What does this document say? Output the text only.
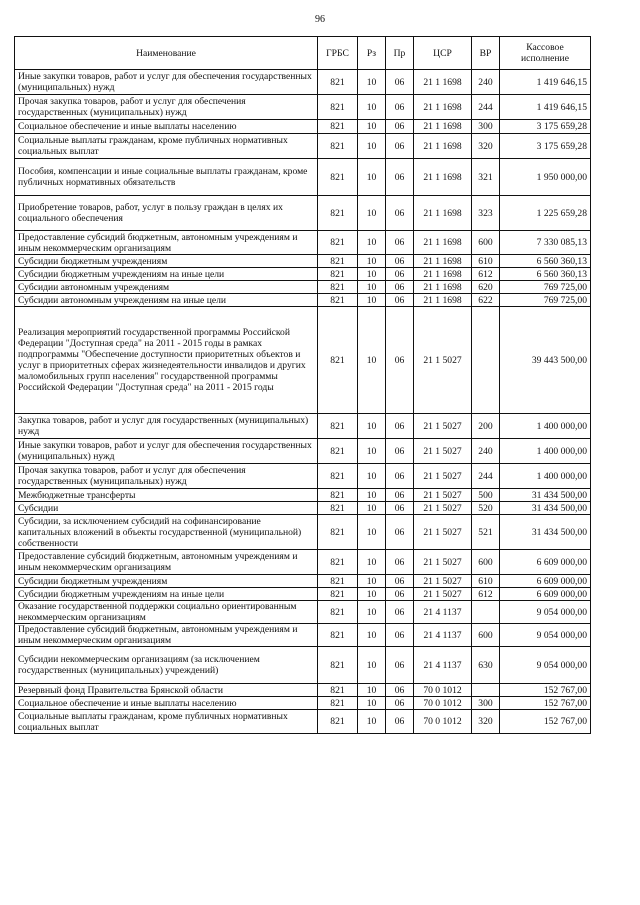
96
Наименование	ГРБС	Рз	Пр	ЦСР	ВР	Кассовое
исполнение
Иные закупки товаров, работ и услуг для обеспечения государственных (муниципальных) нужд	821	10	06	21 1 1698	240	1 419 646,15
Прочая закупка товаров, работ и услуг для обеспечения государственных (муниципальных) нужд	821	10	06	21 1 1698	244	1 419 646,15
Социальное обеспечение и иные выплаты населению	821	10	06	21 1 1698	300	3 175 659,28
Социальные выплаты гражданам, кроме публичных нормативных социальных выплат	821	10	06	21 1 1698	320	3 175 659,28
Пособия, компенсации и иные социальные выплаты гражданам, кроме публичных нормативных обязательств	821	10	06	21 1 1698	321	1 950 000,00
Приобретение товаров, работ, услуг в пользу граждан в целях их социального обеспечения	821	10	06	21 1 1698	323	1 225 659,28
Предоставление субсидий бюджетным, автономным учреждениям и иным некоммерческим организациям	821	10	06	21 1 1698	600	7 330 085,13
Субсидии бюджетным учреждениям	821	10	06	21 1 1698	610	6 560 360,13
Субсидии бюджетным учреждениям на иные цели	821	10	06	21 1 1698	612	6 560 360,13
Субсидии автономным учреждениям	821	10	06	21 1 1698	620	769 725,00
Субсидии автономным учреждениям на иные цели	821	10	06	21 1 1698	622	769 725,00
Реализация мероприятий государственной программы Российской Федерации "Доступная среда" на 2011 - 2015 годы в рамках подпрограммы "Обеспечение доступности приоритетных объектов и услуг в приоритетных сферах жизнедеятельности инвалидов и других маломобильных групп населения" государственной программы Российской Федерации "Доступная среда" на 2011 - 2015 годы	821	10	06	21 1 5027		39 443 500,00
Закупка товаров, работ и услуг для государственных (муниципальных) нужд	821	10	06	21 1 5027	200	1 400 000,00
Иные закупки товаров, работ и услуг для обеспечения государственных (муниципальных) нужд	821	10	06	21 1 5027	240	1 400 000,00
Прочая закупка товаров, работ и услуг для обеспечения государственных (муниципальных) нужд	821	10	06	21 1 5027	244	1 400 000,00
Межбюджетные трансферты	821	10	06	21 1 5027	500	31 434 500,00
Субсидии	821	10	06	21 1 5027	520	31 434 500,00
Субсидии, за исключением субсидий на софинансирование капитальных вложений в объекты государственной (муниципальной) собственности	821	10	06	21 1 5027	521	31 434 500,00
Предоставление субсидий бюджетным, автономным учреждениям и иным некоммерческим организациям	821	10	06	21 1 5027	600	6 609 000,00
Субсидии бюджетным учреждениям	821	10	06	21 1 5027	610	6 609 000,00
Субсидии бюджетным учреждениям на иные цели	821	10	06	21 1 5027	612	6 609 000,00
Оказание государственной поддержки социально ориентированным некоммерческим организациям	821	10	06	21 4 1137		9 054 000,00
Предоставление субсидий бюджетным, автономным учреждениям и иным некоммерческим организациям	821	10	06	21 4 1137	600	9 054 000,00
Субсидии некоммерческим организациям (за исключением государственных (муниципальных) учреждений)	821	10	06	21 4 1137	630	9 054 000,00
Резервный фонд Правительства Брянской области	821	10	06	70 0 1012		152 767,00
Социальное обеспечение и иные выплаты населению	821	10	06	70 0 1012	300	152 767,00
Социальные выплаты гражданам, кроме публичных нормативных социальных выплат	821	10	06	70 0 1012	320	152 767,00
